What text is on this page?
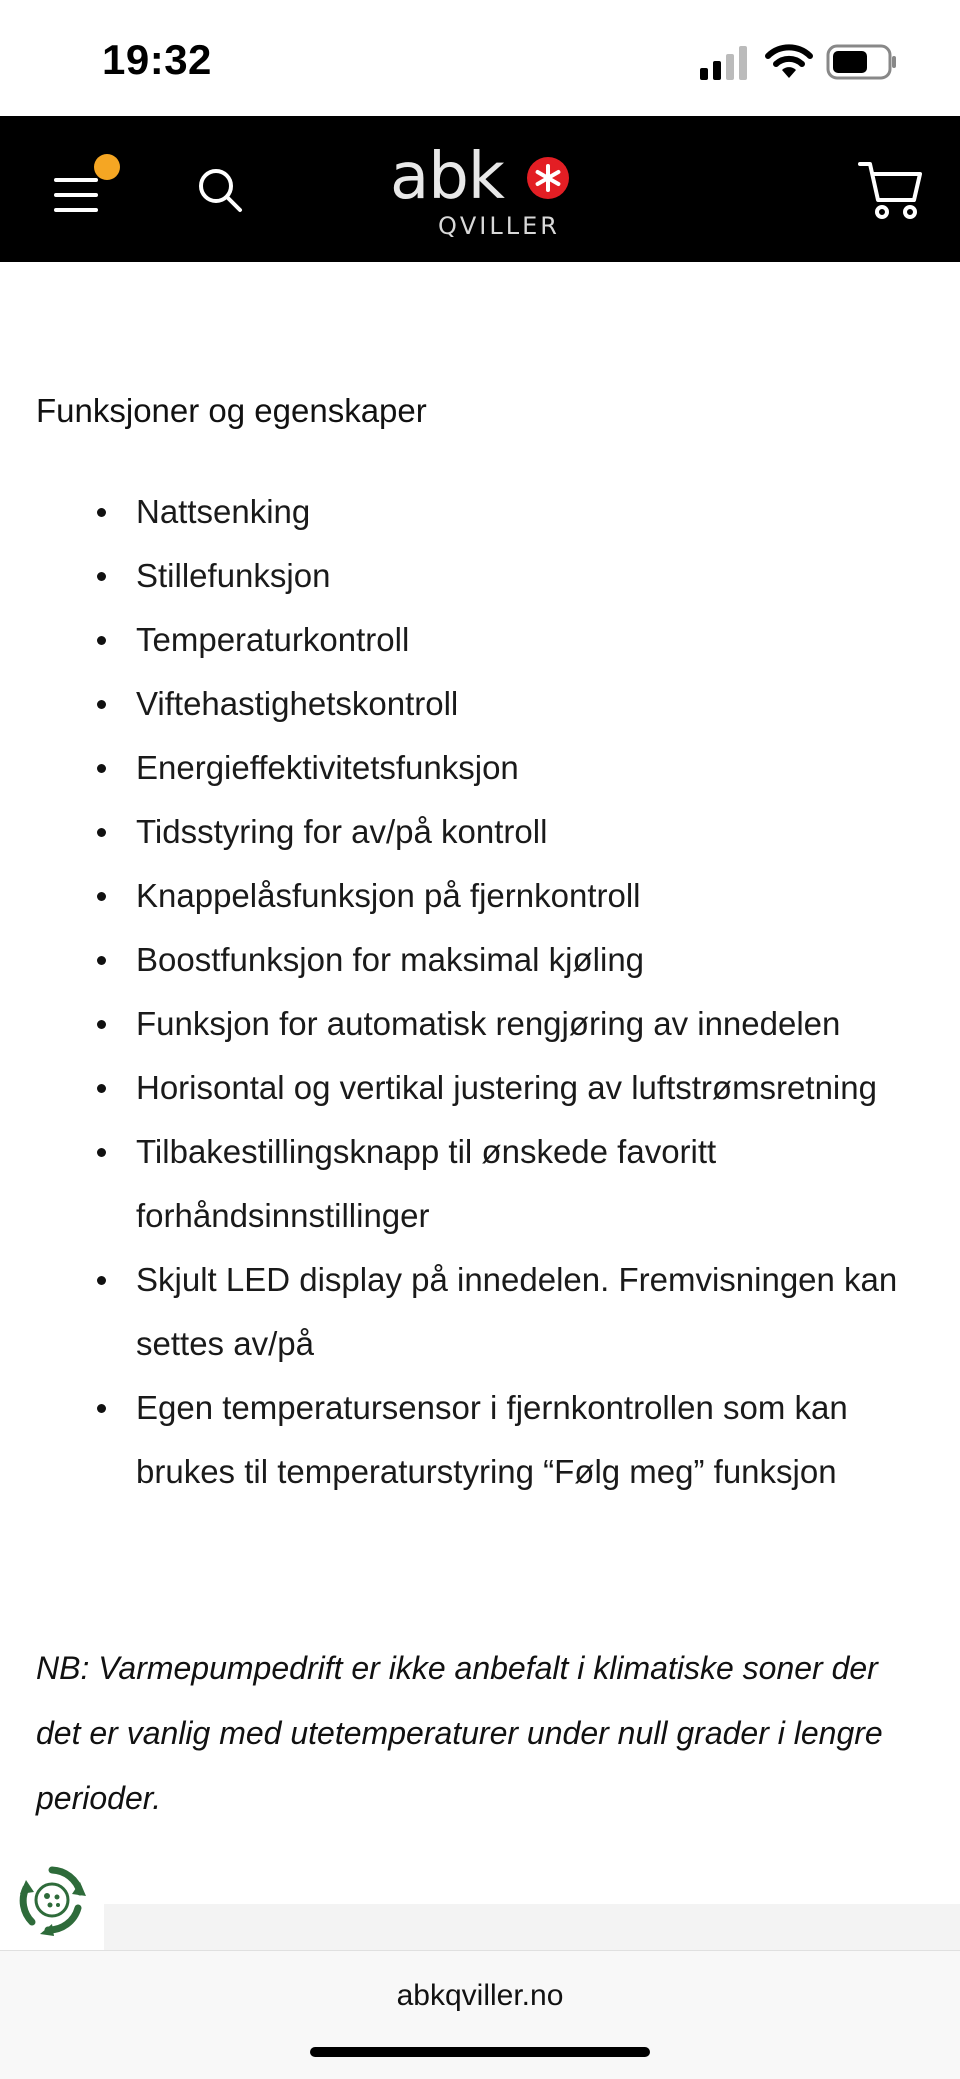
19:32
abk
QVILLER
Funksjoner og egenskaper
Nattsenking
Stillefunksjon
Temperaturkontroll
Viftehastighetskontroll
Energieffektivitetsfunksjon
Tidsstyring for av/på kontroll
Knappelåsfunksjon på fjernkontroll
Boostfunksjon for maksimal kjøling
Funksjon for automatisk rengjøring av innedelen
Horisontal og vertikal justering av luftstrømsretning
Tilbakestillingsknapp til ønskede favoritt forhåndsinnstillinger
Skjult LED display på innedelen. Fremvisningen kan settes av/på
Egen temperatursensor i fjernkontrollen som kan brukes til temperaturstyring “Følg meg” funksjon

NB: Varmepumpedrift er ikke anbefalt i klimatiske soner der det er vanlig med utetemperaturer under null grader i lengre perioder.

abkqviller.no
